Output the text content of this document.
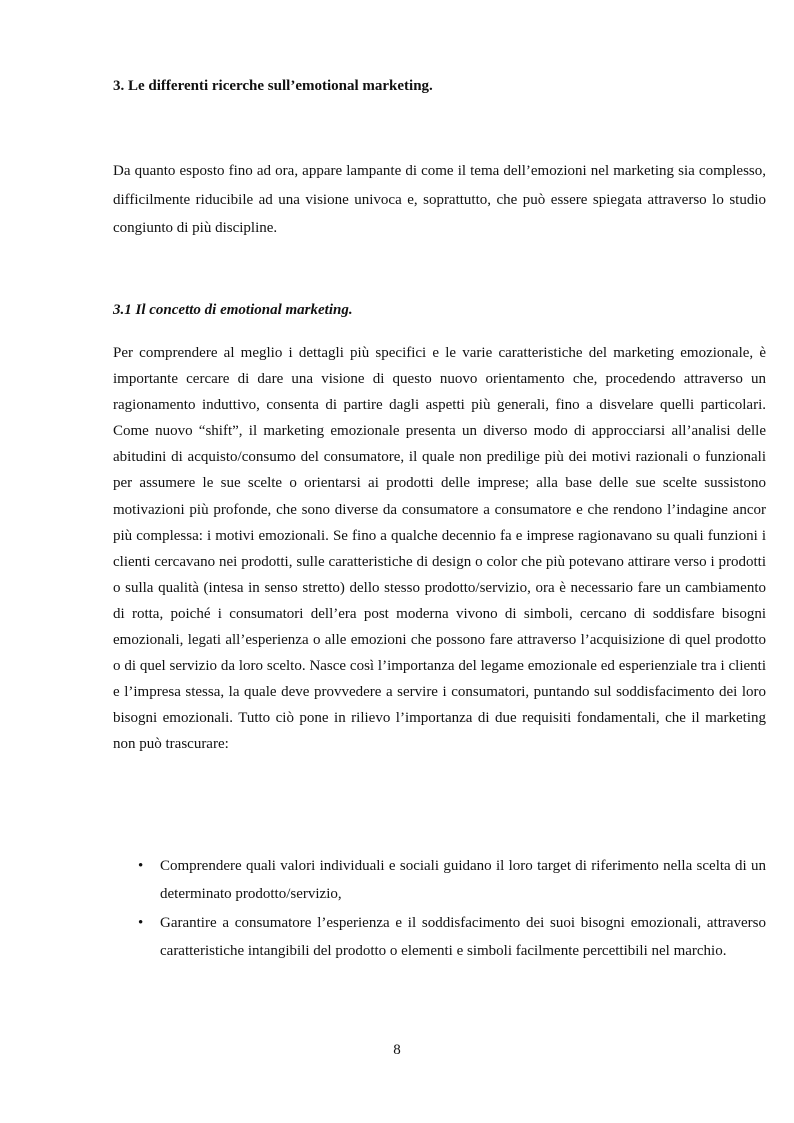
3. Le differenti ricerche sull’emotional marketing.

Da quanto esposto fino ad ora, appare lampante di come il tema dell’emozioni nel marketing sia complesso, difficilmente riducibile ad una visione univoca e, soprattutto, che può essere spiegata attraverso lo studio congiunto di più discipline.

3.1 Il concetto di emotional marketing.

Per comprendere al meglio i dettagli più specifici e le varie caratteristiche del marketing emozionale, è importante cercare di dare una visione di questo nuovo orientamento che, procedendo attraverso un ragionamento induttivo, consenta di partire dagli aspetti più generali, fino a disvelare quelli particolari. Come nuovo “shift”, il marketing emozionale presenta un diverso modo di approcciarsi all’analisi delle abitudini di acquisto/consumo del consumatore, il quale non predilige più dei motivi razionali o funzionali per assumere le sue scelte o orientarsi ai prodotti delle imprese; alla base delle sue scelte sussistono motivazioni più profonde, che sono diverse da consumatore a consumatore e che rendono l’indagine ancor più complessa: i motivi emozionali. Se fino a qualche decennio fa e imprese ragionavano su quali funzioni i clienti cercavano nei prodotti, sulle caratteristiche di design o color che più potevano attirare verso i prodotti o sulla qualità (intesa in senso stretto) dello stesso prodotto/servizio, ora è necessario fare un cambiamento di rotta, poiché i consumatori dell’era post moderna vivono di simboli, cercano di soddisfare bisogni emozionali, legati all’esperienza o alle emozioni che possono fare attraverso l’acquisizione di quel prodotto o di quel servizio da loro scelto. Nasce così l’importanza del legame emozionale ed esperienziale tra i clienti e l’impresa stessa, la quale deve provvedere a servire i consumatori, puntando sul soddisfacimento dei loro bisogni emozionali. Tutto ciò pone in rilievo l’importanza di due requisiti fondamentali, che il marketing non può trascurare:

• Comprendere quali valori individuali e sociali guidano il loro target di riferimento nella scelta di un determinato prodotto/servizio,
• Garantire a consumatore l’esperienza e il soddisfacimento dei suoi bisogni emozionali, attraverso caratteristiche intangibili del prodotto o elementi e simboli facilmente percettibili nel marchio.
8
